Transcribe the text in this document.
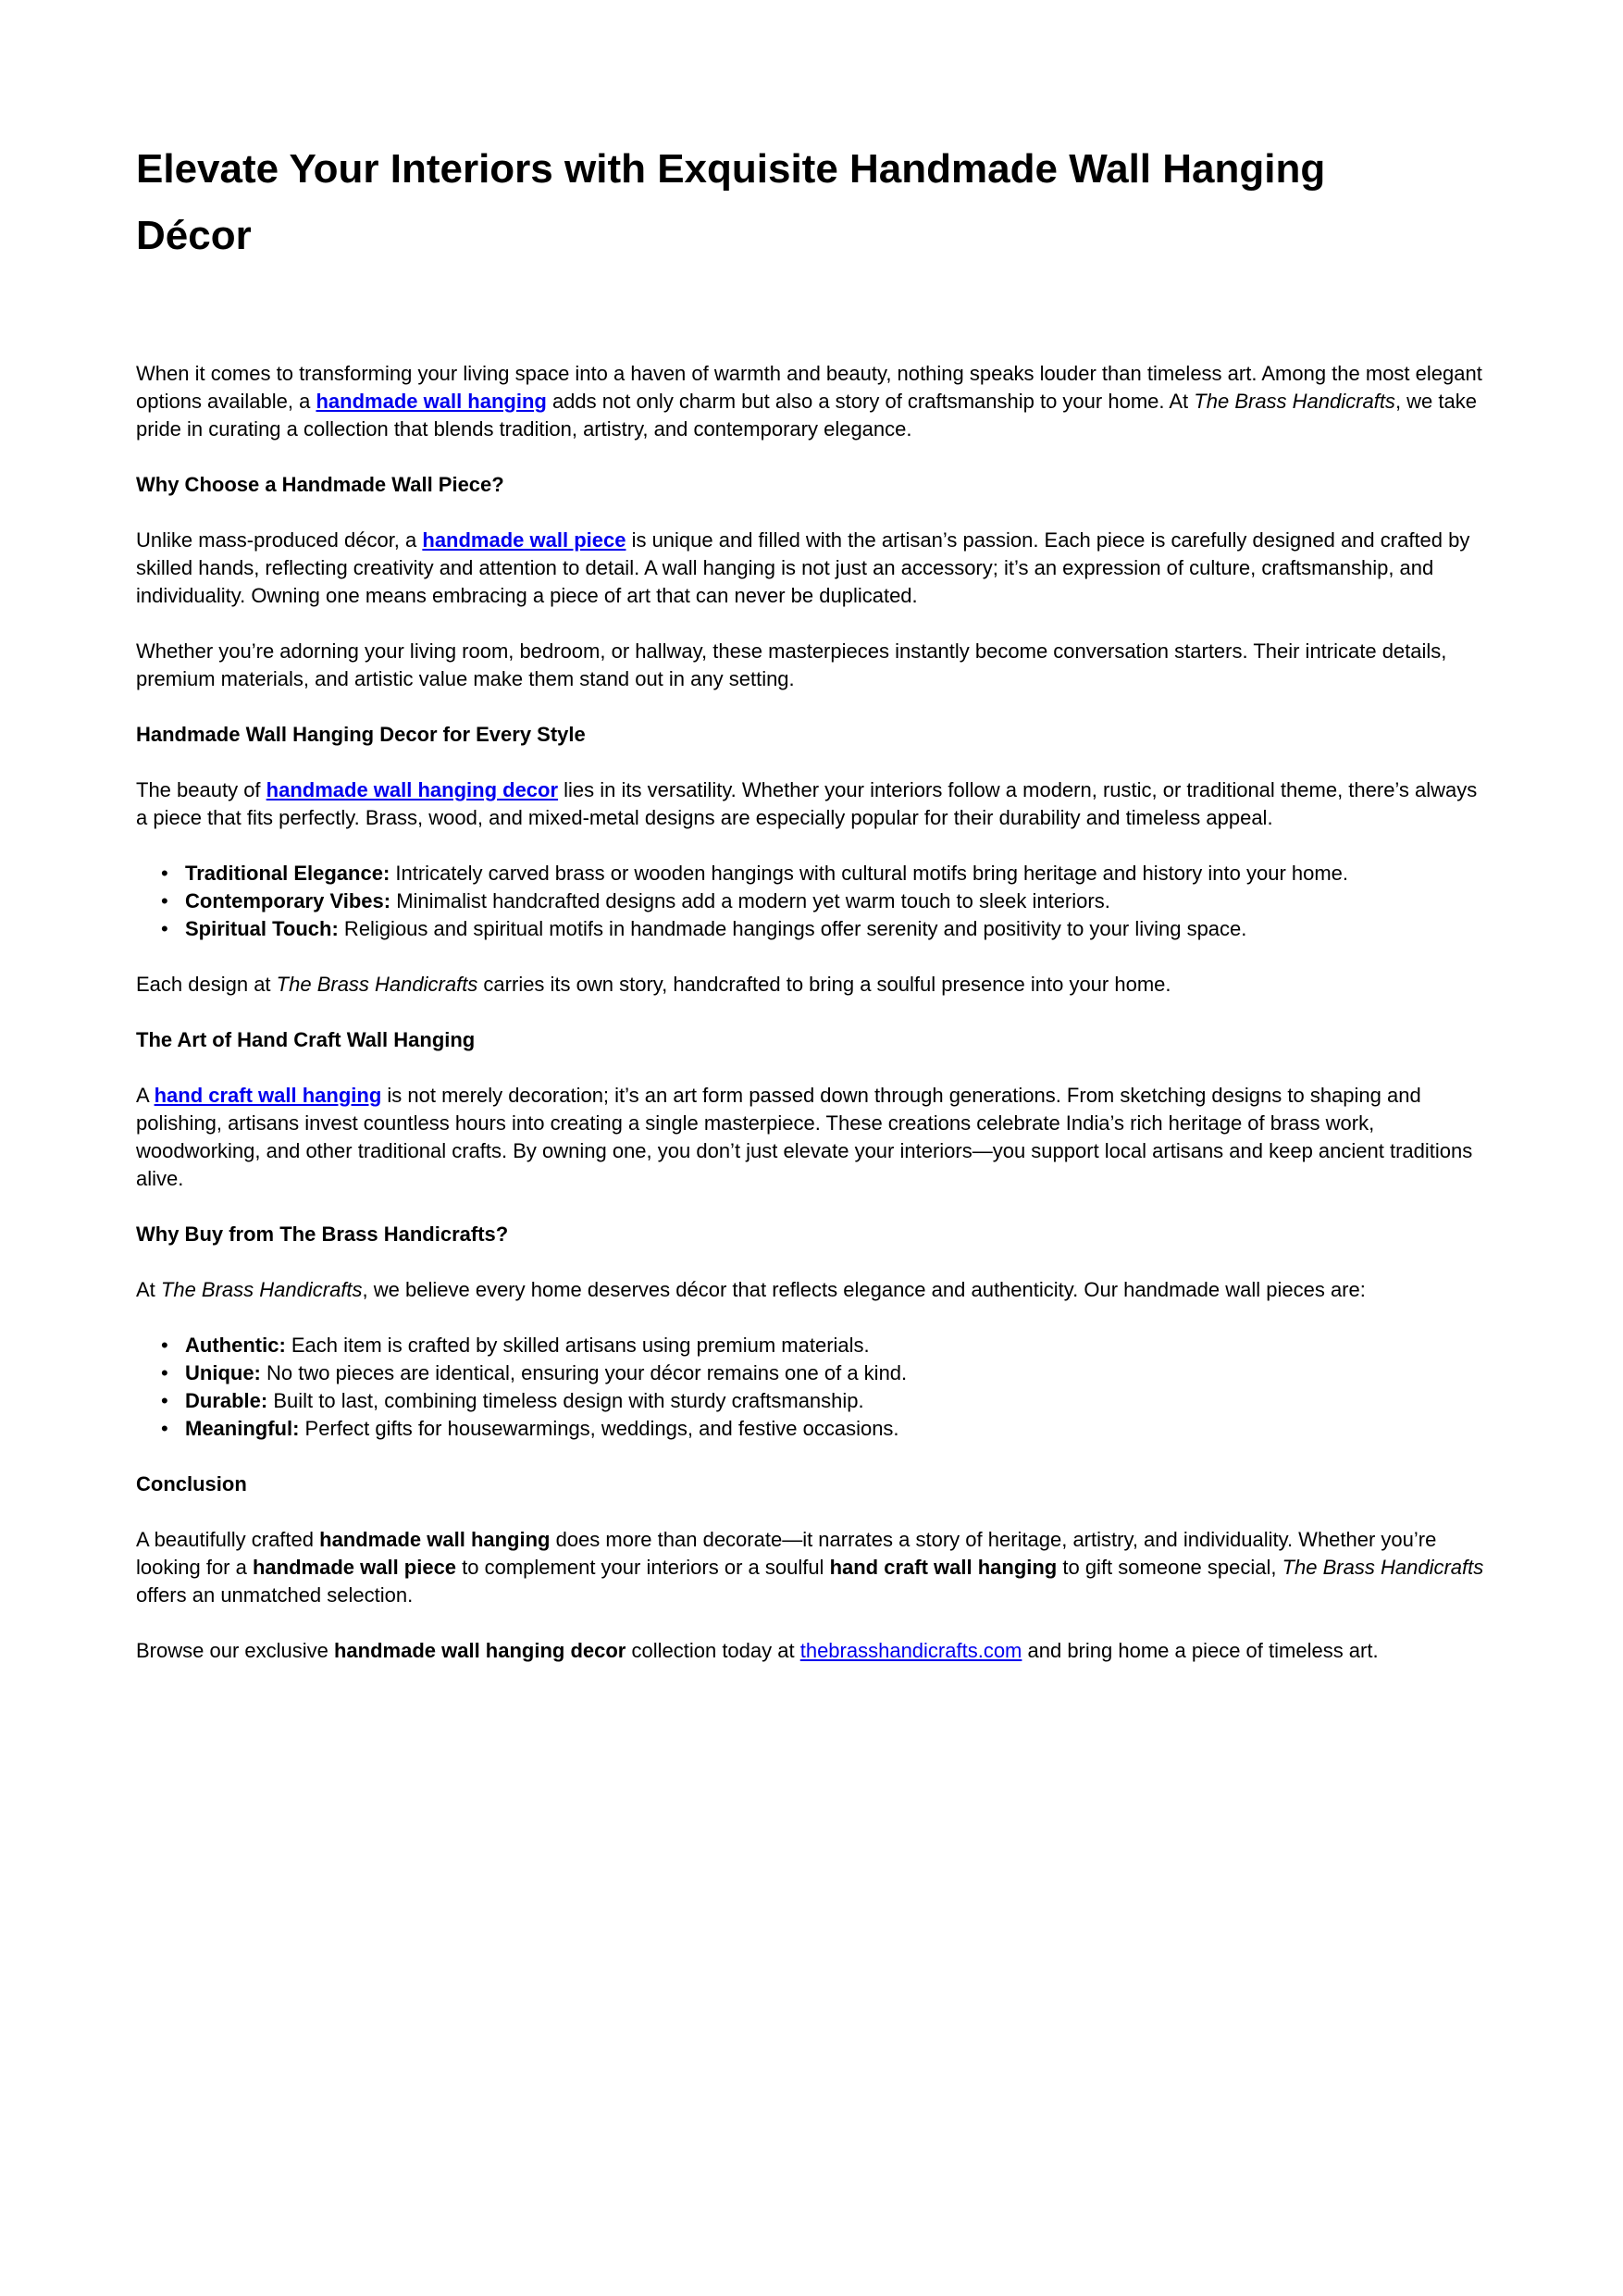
Elevate Your Interiors with Exquisite Handmade Wall Hanging
Décor

When it comes to transforming your living space into a haven of warmth and beauty, nothing speaks louder than timeless art. Among the most elegant options available, a handmade wall hanging adds not only charm but also a story of craftsmanship to your home. At The Brass Handicrafts, we take pride in curating a collection that blends tradition, artistry, and contemporary elegance.

Why Choose a Handmade Wall Piece?

Unlike mass-produced décor, a handmade wall piece is unique and filled with the artisan’s passion. Each piece is carefully designed and crafted by skilled hands, reflecting creativity and attention to detail. A wall hanging is not just an accessory; it’s an expression of culture, craftsmanship, and individuality. Owning one means embracing a piece of art that can never be duplicated.

Whether you’re adorning your living room, bedroom, or hallway, these masterpieces instantly become conversation starters. Their intricate details, premium materials, and artistic value make them stand out in any setting.

Handmade Wall Hanging Decor for Every Style

The beauty of handmade wall hanging decor lies in its versatility. Whether your interiors follow a modern, rustic, or traditional theme, there’s always a piece that fits perfectly. Brass, wood, and mixed-metal designs are especially popular for their durability and timeless appeal.

• Traditional Elegance: Intricately carved brass or wooden hangings with cultural motifs bring heritage and history into your home.
• Contemporary Vibes: Minimalist handcrafted designs add a modern yet warm touch to sleek interiors.
• Spiritual Touch: Religious and spiritual motifs in handmade hangings offer serenity and positivity to your living space.

Each design at The Brass Handicrafts carries its own story, handcrafted to bring a soulful presence into your home.

The Art of Hand Craft Wall Hanging

A hand craft wall hanging is not merely decoration; it’s an art form passed down through generations. From sketching designs to shaping and polishing, artisans invest countless hours into creating a single masterpiece. These creations celebrate India’s rich heritage of brass work, woodworking, and other traditional crafts. By owning one, you don’t just elevate your interiors—you support local artisans and keep ancient traditions alive.

Why Buy from The Brass Handicrafts?

At The Brass Handicrafts, we believe every home deserves décor that reflects elegance and authenticity. Our handmade wall pieces are:

• Authentic: Each item is crafted by skilled artisans using premium materials.
• Unique: No two pieces are identical, ensuring your décor remains one of a kind.
• Durable: Built to last, combining timeless design with sturdy craftsmanship.
• Meaningful: Perfect gifts for housewarmings, weddings, and festive occasions.
Conclusion

A beautifully crafted handmade wall hanging does more than decorate—it narrates a story of heritage, artistry, and individuality. Whether you’re looking for a handmade wall piece to complement your interiors or a soulful hand craft wall hanging to gift someone special, The Brass Handicrafts offers an unmatched selection.

Browse our exclusive handmade wall hanging decor collection today at thebrasshandicrafts.com and bring home a piece of timeless art.
